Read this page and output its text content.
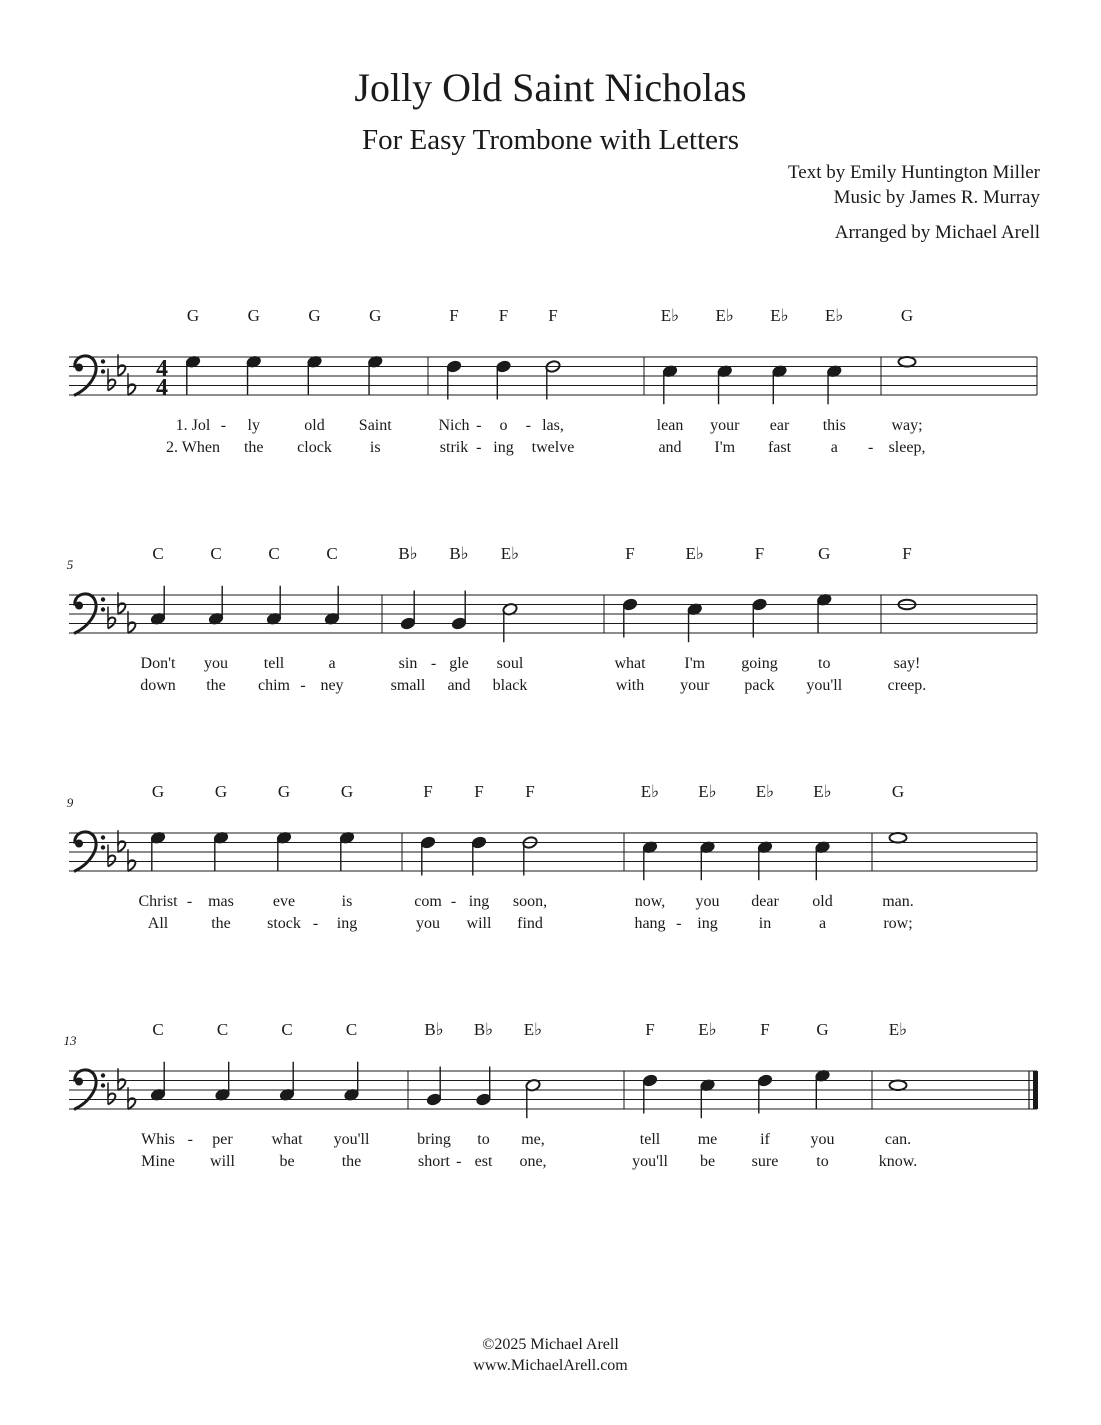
Jolly Old Saint Nicholas
For Easy Trombone with Letters
Text by Emily Huntington Miller
Music by James R. Murray
Arranged by Michael Arell
4
4
G
1. Jol
2. When
G
ly
the
G
old
clock
G
Saint
is
F
Nich
strik
F
o
ing
F
las,
twelve
E♭
lean
and
E♭
your
I'm
E♭
ear
fast
E♭
this
a
G
way;
sleep,
-	-	-
-	-
5
C
Don't
down
C
you
the
C
tell
chim
C
a
ney
B♭
sin
small
B♭
gle
and
E♭
soul
black
F
what
with
E♭
I'm
your
F
going
pack
G
to
you'll
F
say!
creep.
-
-
9
G
Christ
All
G
mas
the
G
eve
stock
G
is
ing
F
com
you
F
ing
will
F
soon,
find
E♭
now,
hang
E♭
you
ing
E♭
dear
in
E♭
old
a
G
man.
row;
-	-
-	-
13
C
Whis
Mine
C
per
will
C
what
be
C
you'll
the
B♭
bring
short
B♭
to
est
E♭
me,
one,
F
tell
you'll
E♭
me
be
F
if
sure
G
you
to
E♭
can.
know.
-
-
©2025 Michael Arell
www.MichaelArell.com
